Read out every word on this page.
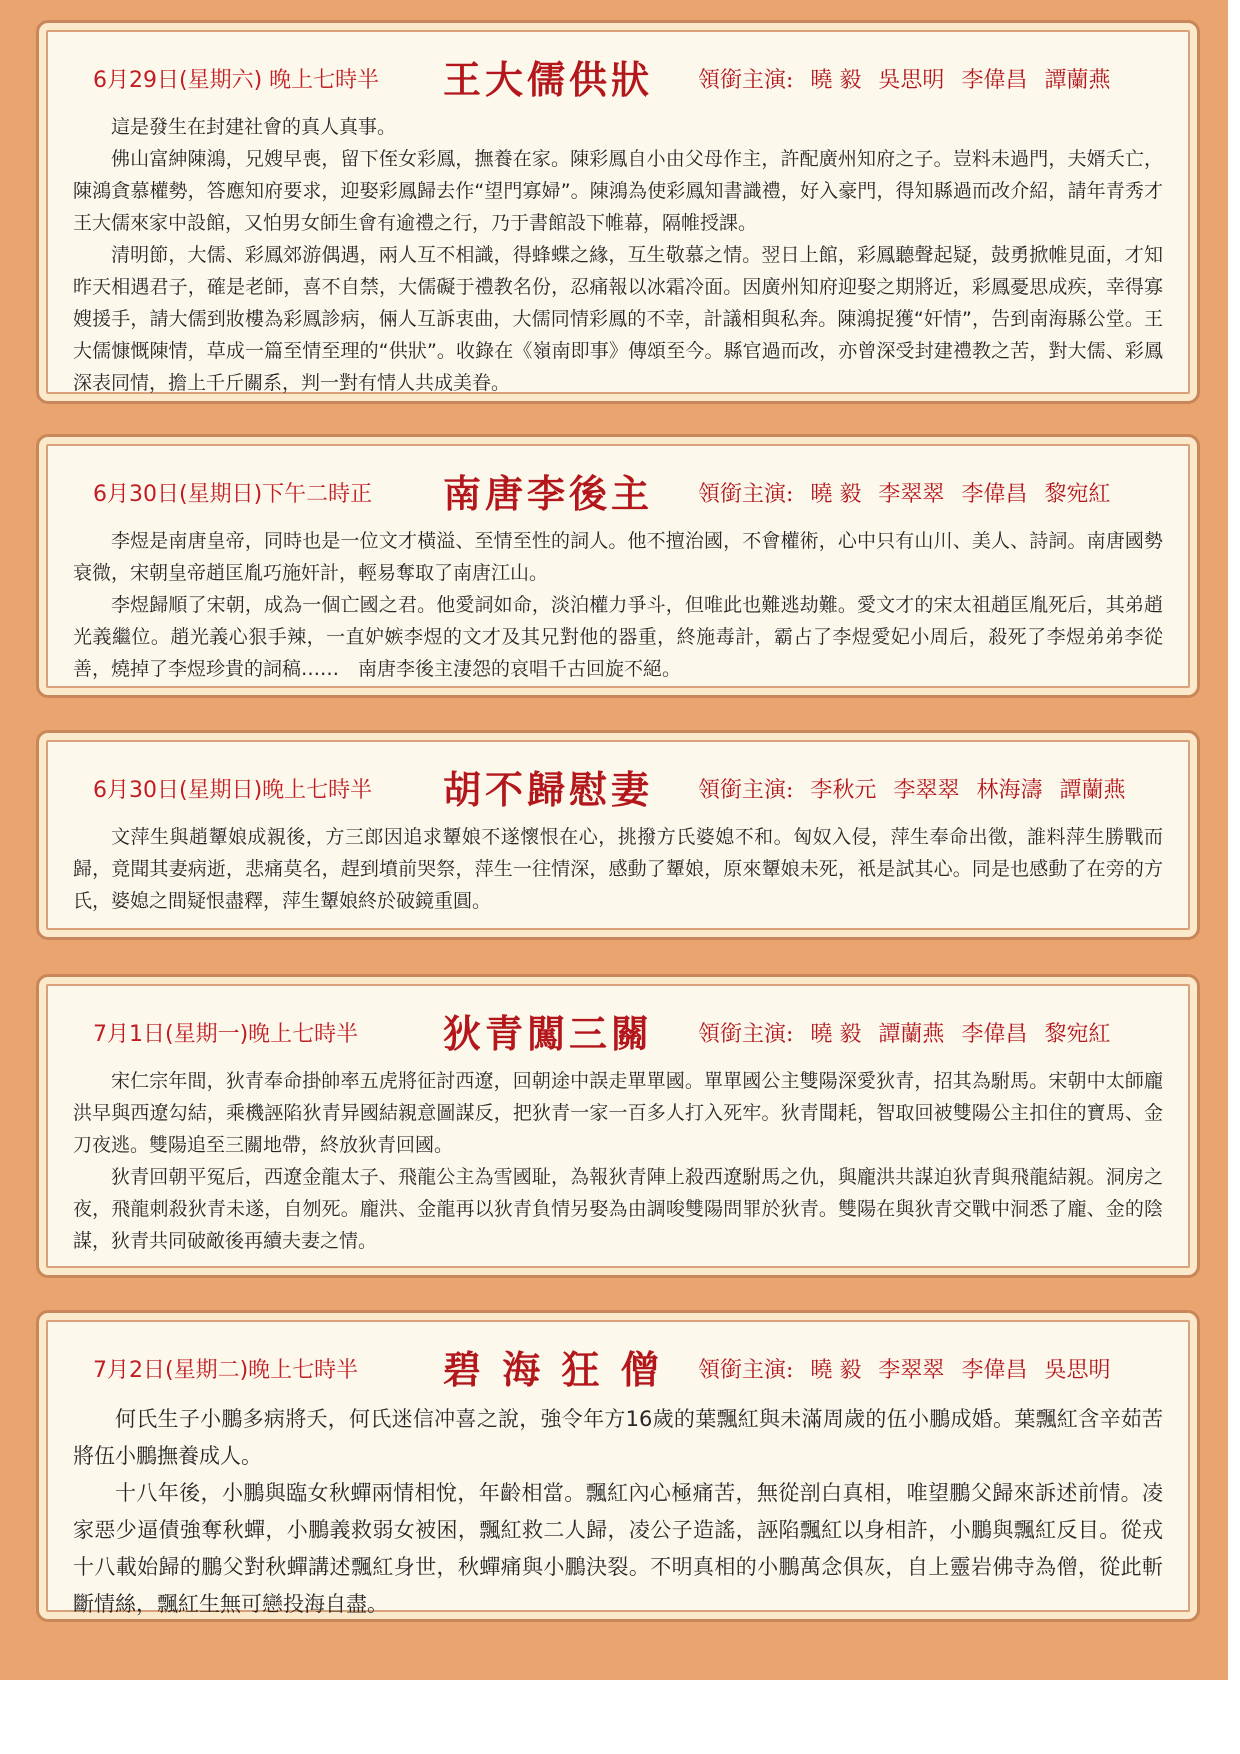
6月29日(星期六) 晚上七時半 王大儒供狀 領銜主演: 曉 毅 吳思明 李偉昌 譚蘭燕

這是發生在封建社會的真人真事。

佛山富紳陳鴻，兄嫂早喪，留下侄女彩鳳，撫養在家。陳彩鳳自小由父母作主，許配廣州知府之子。豈料未過門，夫婿夭亡，陳鴻貪慕權勢，答應知府要求，迎娶彩鳳歸去作“望門寡婦”。陳鴻為使彩鳳知書識禮，好入豪門，得知縣過而改介紹，請年青秀才王大儒來家中設館，又怕男女師生會有逾禮之行，乃于書館設下帷幕，隔帷授課。

清明節，大儒、彩鳳郊游偶遇，兩人互不相識，得蜂蝶之緣，互生敬慕之情。翌日上館，彩鳳聽聲起疑，鼓勇掀帷見面，才知昨天相遇君子，確是老師，喜不自禁，大儒礙于禮教名份，忍痛報以冰霜冷面。因廣州知府迎娶之期將近，彩鳳憂思成疾，幸得寡嫂援手，請大儒到妝樓為彩鳳診病，倆人互訴衷曲，大儒同情彩鳳的不幸，計議相與私奔。陳鴻捉獲“奸情”，告到南海縣公堂。王大儒慷慨陳情，草成一篇至情至理的“供狀”。收錄在《嶺南即事》傳頌至今。縣官過而改，亦曾深受封建禮教之苦，對大儒、彩鳳深表同情，擔上千斤關系，判一對有情人共成美眷。

6月30日(星期日)下午二時正 南唐李後主 領銜主演: 曉 毅 李翠翠 李偉昌 黎宛紅

李煜是南唐皇帝，同時也是一位文才橫溢、至情至性的詞人。他不擅治國，不會權術，心中只有山川、美人、詩詞。南唐國勢衰微，宋朝皇帝趙匡胤巧施奸計，輕易奪取了南唐江山。

李煜歸順了宋朝，成為一個亡國之君。他愛詞如命，淡泊權力爭斗，但唯此也難逃劫難。愛文才的宋太祖趙匡胤死后，其弟趙光義繼位。趙光義心狠手辣，一直妒嫉李煜的文才及其兄對他的器重，終施毒計，霸占了李煜愛妃小周后，殺死了李煜弟弟李從善，燒掉了李煜珍貴的詞稿……　南唐李後主淒怨的哀唱千古回旋不絕。

6月30日(星期日)晚上七時半 胡不歸慰妻 領銜主演: 李秋元 李翠翠 林海濤 譚蘭燕

文萍生與趙顰娘成親後，方三郎因追求顰娘不遂懷恨在心，挑撥方氏婆媳不和。匈奴入侵，萍生奉命出徵，誰料萍生勝戰而歸，竟聞其妻病逝，悲痛莫名，趕到墳前哭祭，萍生一往情深，感動了顰娘，原來顰娘未死，衹是試其心。同是也感動了在旁的方氏，婆媳之間疑恨盡釋，萍生顰娘終於破鏡重圓。

7月1日(星期一)晚上七時半 狄青闖三關 領銜主演: 曉 毅 譚蘭燕 李偉昌 黎宛紅

宋仁宗年間，狄青奉命掛帥率五虎將征討西遼，回朝途中誤走單單國。單單國公主雙陽深愛狄青，招其為駙馬。宋朝中太師龐洪早與西遼勾結，乘機誣陷狄青异國結親意圖謀反，把狄青一家一百多人打入死牢。狄青聞耗，智取回被雙陽公主扣住的寶馬、金刀夜逃。雙陽追至三關地帶，終放狄青回國。

狄青回朝平冤后，西遼金龍太子、飛龍公主為雪國耻，為報狄青陣上殺西遼駙馬之仇，與龐洪共謀迫狄青與飛龍結親。洞房之夜，飛龍刺殺狄青未遂，自刎死。龐洪、金龍再以狄青負情另娶為由調唆雙陽問罪於狄青。雙陽在與狄青交戰中洞悉了龐、金的陰謀，狄青共同破敵後再續夫妻之情。

7月2日(星期二)晚上七時半 碧 海 狂 僧 領銜主演: 曉 毅 李翠翠 李偉昌 吳思明

何氏生子小鵬多病將夭，何氏迷信冲喜之說，強令年方16歲的葉飄紅與未滿周歲的伍小鵬成婚。葉飄紅含辛茹苦將伍小鵬撫養成人。

十八年後，小鵬與臨女秋蟬兩情相悅，年齡相當。飄紅內心極痛苦，無從剖白真相，唯望鵬父歸來訴述前情。凌家惡少逼債強奪秋蟬，小鵬義救弱女被困，飄紅救二人歸，凌公子造謠，誣陷飄紅以身相許，小鵬與飄紅反目。從戎十八載始歸的鵬父對秋蟬講述飄紅身世，秋蟬痛與小鵬決裂。不明真相的小鵬萬念俱灰，自上靈岩佛寺為僧，從此斬斷情絲，飄紅生無可戀投海自盡。
